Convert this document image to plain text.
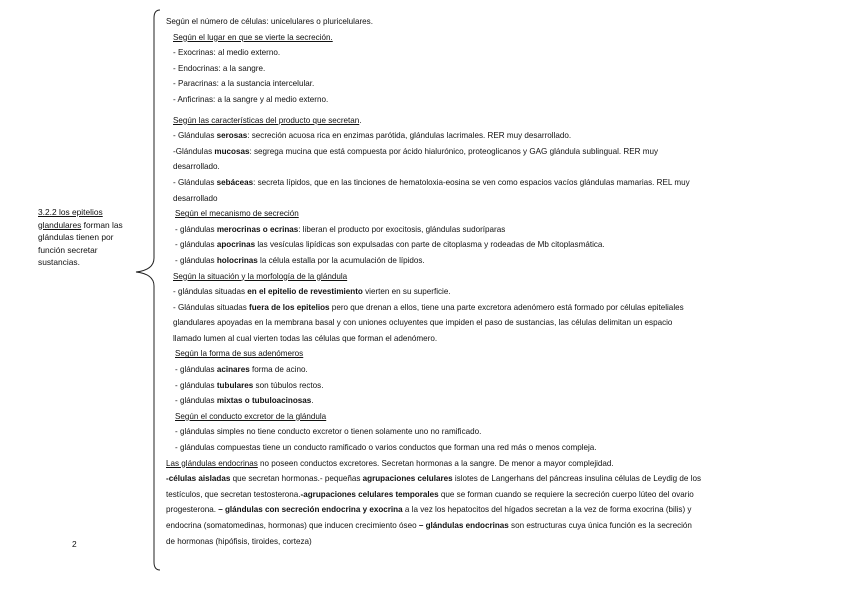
3.2.2 los epitelios
glandulares forman las
glándulas tienen por
función secretar
sustancias.
2
Según el número de células: unicelulares o pluricelulares.
Según el lugar en que se vierte la secreción.
- Exocrinas: al medio externo.
- Endocrinas: a la sangre.
- Paracrinas: a la sustancia intercelular.
- Anficrinas: a la sangre y al medio externo.
Según las características del producto que secretan.
- Glándulas serosas: secreción acuosa rica en enzimas parótida, glándulas lacrimales. RER muy desarrollado.
-Glándulas mucosas: segrega mucina que está compuesta por ácido hialurónico, proteoglicanos y GAG glándula sublingual. RER muy
desarrollado.
- Glándulas sebáceas: secreta lípidos, que en las tinciones de hematoloxia-eosina se ven como espacios vacíos glándulas mamarias. REL muy
desarrollado
Según el mecanismo de secreción
- glándulas merocrinas o ecrinas: liberan el producto por exocitosis, glándulas sudoríparas
- glándulas apocrinas las vesículas lipídicas son expulsadas con parte de citoplasma y rodeadas de Mb citoplasmática.
- glándulas holocrinas la célula estalla por la acumulación de lípidos.
Según la situación y la morfología de la glándula
- glándulas situadas en el epitelio de revestimiento vierten en su superficie.
- Glándulas situadas fuera de los epitelios pero que drenan a ellos, tiene una parte excretora adenómero está formado por células epiteliales
glandulares apoyadas en la membrana basal y con uniones ocluyentes que impiden el paso de sustancias, las células delimitan un espacio
llamado lumen al cual vierten todas las células que forman el adenómero.
Según la forma de sus adenómeros
- glándulas acinares forma de acino.
- glándulas tubulares son túbulos rectos.
- glándulas mixtas o tubuloacinosas.
Según el conducto excretor de la glándula
- glándulas simples no tiene conducto excretor o tienen solamente uno no ramificado.
- glándulas compuestas tiene un conducto ramificado o varios conductos que forman una red más o menos compleja.
Las glándulas endocrinas no poseen conductos excretores. Secretan hormonas a la sangre. De menor a mayor complejidad.
-células aisladas que secretan hormonas.- pequeñas agrupaciones celulares islotes de Langerhans del páncreas insulina células de Leydig de los
testículos, que secretan testosterona.-agrupaciones celulares temporales que se forman cuando se requiere la secreción cuerpo lúteo del ovario
progesterona. – glándulas con secreción endocrina y exocrina a la vez los hepatocitos del hígados secretan a la vez de forma exocrina (bilis) y
endocrina (somatomedinas, hormonas) que inducen crecimiento óseo – glándulas endocrinas son estructuras cuya única función es la secreción
de hormonas (hipófisis, tiroides, corteza)
